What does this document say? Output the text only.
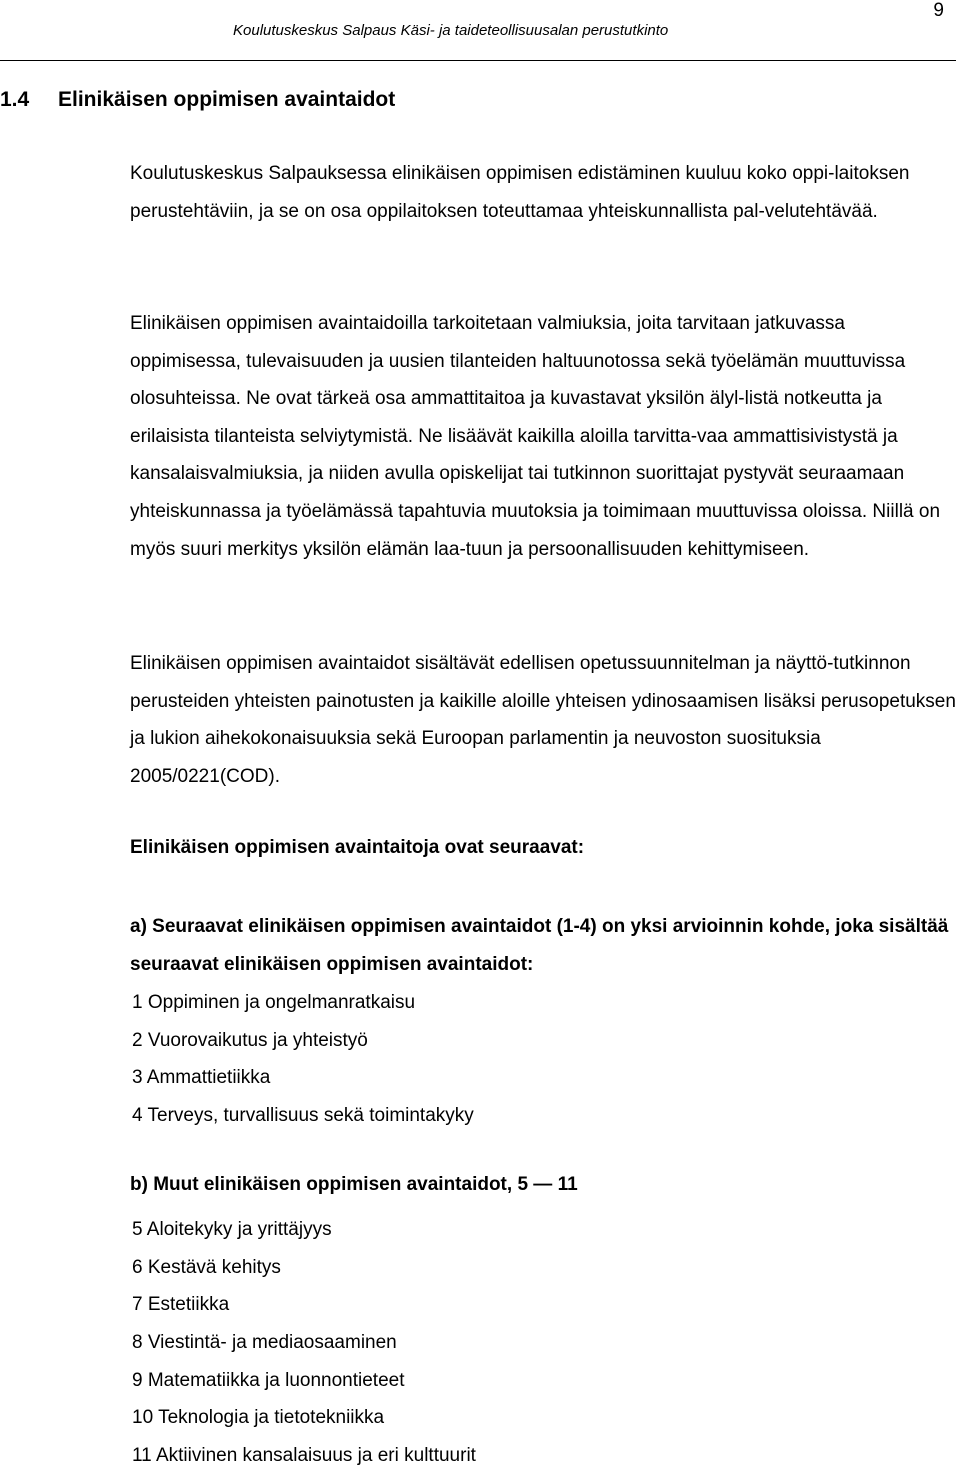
Koulutuskeskus Salpaus Käsi- ja taideteollisuusalan perustutkinto
9
1.4 Elinikäisen oppimisen avaintaidot

Koulutuskeskus Salpauksessa elinikäisen oppimisen edistäminen kuuluu koko oppi-laitoksen perustehtäviin, ja se on osa oppilaitoksen toteuttamaa yhteiskunnallista pal-velutehtävää.

Elinikäisen oppimisen avaintaidoilla tarkoitetaan valmiuksia, joita tarvitaan jatkuvassa oppimisessa, tulevaisuuden ja uusien tilanteiden haltuunotossa sekä työelämän muuttuvissa olosuhteissa. Ne ovat tärkeä osa ammattitaitoa ja kuvastavat yksilön älyl-listä notkeutta ja erilaisista tilanteista selviytymistä. Ne lisäävät kaikilla aloilla tarvitta-vaa ammattisivistystä ja kansalaisvalmiuksia, ja niiden avulla opiskelijat tai tutkinnon suorittajat pystyvät seuraamaan yhteiskunnassa ja työelämässä tapahtuvia muutoksia ja toimimaan muuttuvissa oloissa. Niillä on myös suuri merkitys yksilön elämän laa-tuun ja persoonallisuuden kehittymiseen.

Elinikäisen oppimisen avaintaidot sisältävät edellisen opetussuunnitelman ja näyttö-tutkinnon perusteiden yhteisten painotusten ja kaikille aloille yhteisen ydinosaamisen lisäksi perusopetuksen ja lukion aihekokonaisuuksia sekä Euroopan parlamentin ja neuvoston suosituksia 2005/0221(COD).

Elinikäisen oppimisen avaintaitoja ovat seuraavat:
a) Seuraavat elinikäisen oppimisen avaintaidot (1-4) on yksi arvioinnin kohde, joka sisältää seuraavat elinikäisen oppimisen avaintaidot:
1 Oppiminen ja ongelmanratkaisu
2 Vuorovaikutus ja yhteistyö
3 Ammattietiikka
4 Terveys, turvallisuus sekä toimintakyky
b) Muut elinikäisen oppimisen avaintaidot, 5 — 11
5 Aloitekyky ja yrittäjyys
6 Kestävä kehitys
7 Estetiikka
8 Viestintä- ja mediaosaaminen
9 Matematiikka ja luonnontieteet
10 Teknologia ja tietotekniikka
11 Aktiivinen kansalaisuus ja eri kulttuurit
